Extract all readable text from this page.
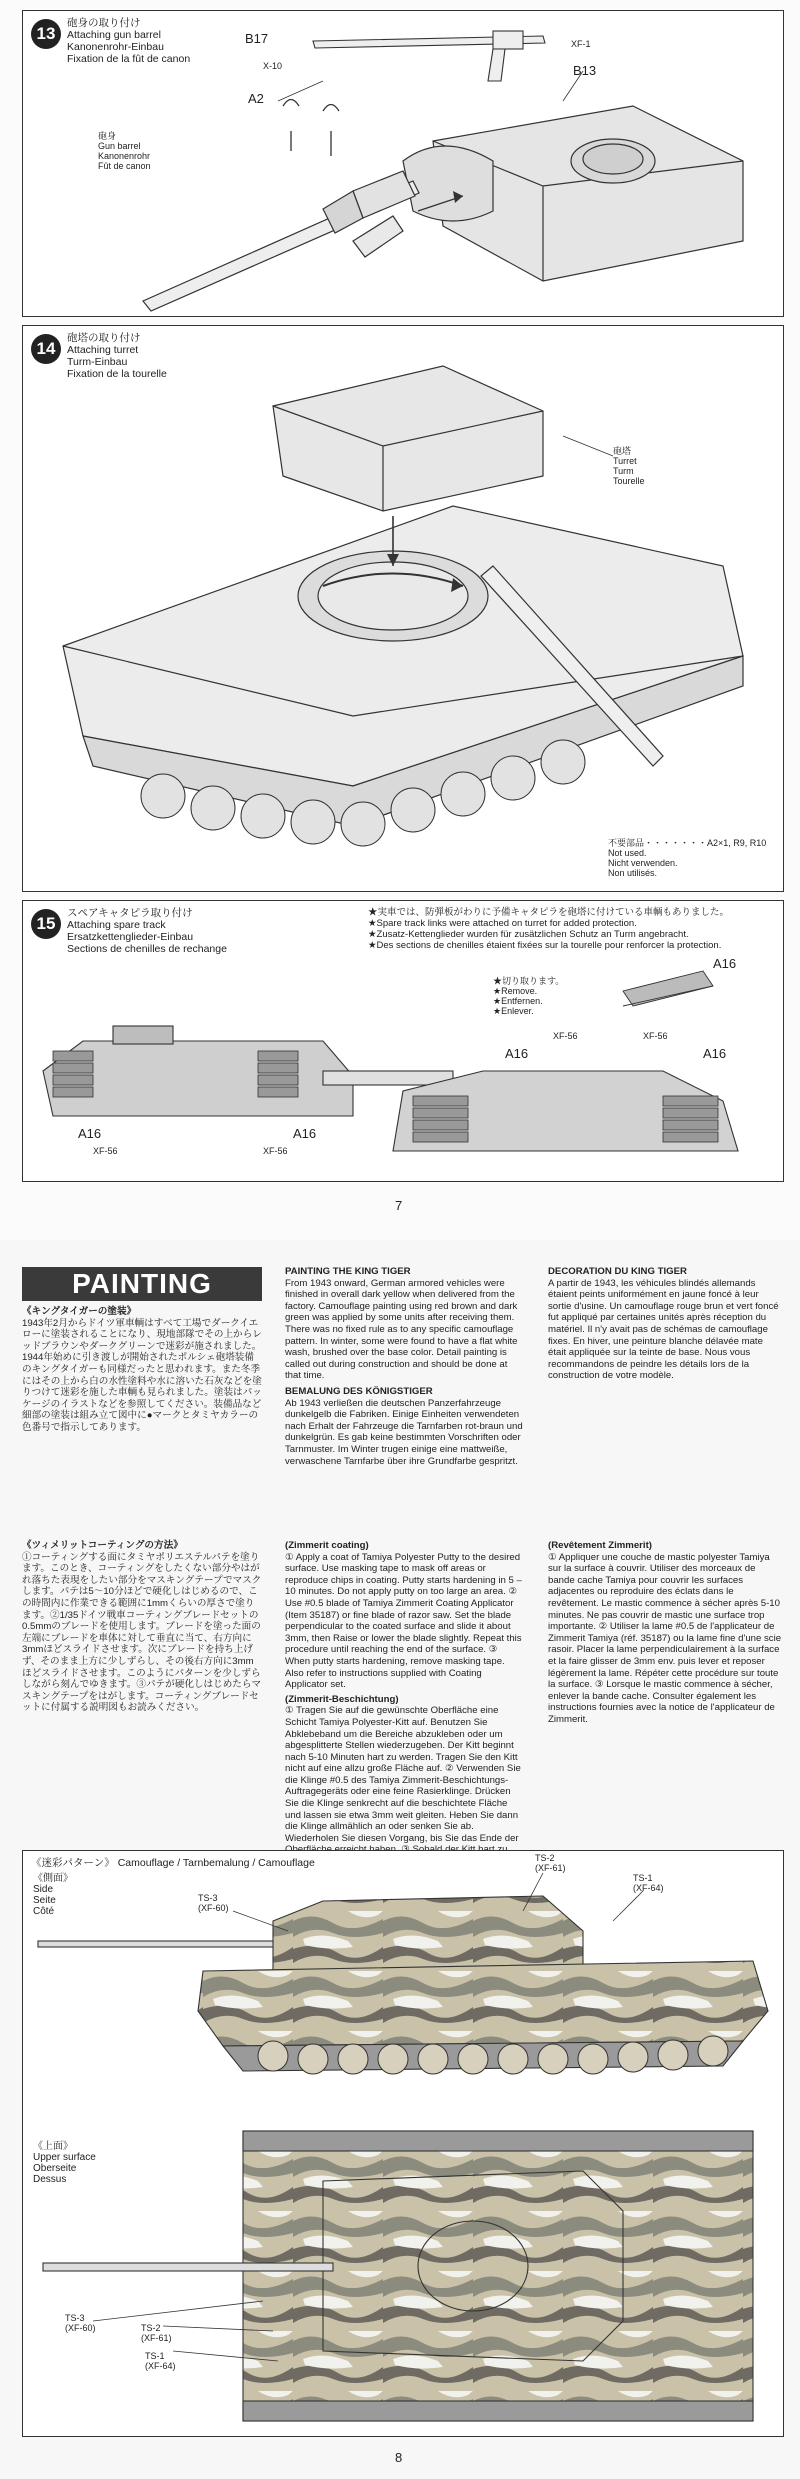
13
砲身の取り付け
Attaching gun barrel
Kanonenrohr-Einbau
Fixation de la fût de canon
B17
X-10
XF-1
B13
A2
砲身
Gun barrel
Kanonenrohr
Fût de canon
14
砲塔の取り付け
Attaching turret
Turm-Einbau
Fixation de la tourelle
砲塔
Turret
Turm
Tourelle
不要部品・・・・・・・A2×1, R9, R10
Not used.
Nicht verwenden.
Non utilisés.
15
スペアキャタピラ取り付け
Attaching spare track
Ersatzkettenglieder-Einbau
Sections de chenilles de rechange
★実車では、防弾板がわりに予備キャタピラを砲塔に付けている車輌もありました。
★Spare track links were attached on turret for added protection.
★Zusatz-Kettenglieder wurden für zusätzlichen Schutz an Turm angebracht.
★Des sections de chenilles étaient fixées sur la tourelle pour renforcer la protection.
★切り取ります。
★Remove.
★Entfernen.
★Enlever.
A16
A16
XF-56
A16
XF-56
A16
XF-56	XF-56
A16
7
PAINTING

《キングタイガーの塗装》

1943年2月からドイツ軍車輌はすべて工場でダークイエローに塗装されることになり、現地部隊でその上からレッドブラウンやダークグリーンで迷彩が施されました。1944年始めに引き渡しが開始されたポルシェ砲塔装備のキングタイガーも同様だったと思われます。また冬季にはその上から白の水性塗料や水に溶いた石灰などを塗りつけて迷彩を施した車輌も見られました。塗装はパッケージのイラストなどを参照してください。装備品など細部の塗装は組み立て図中に●マークとタミヤカラーの色番号で指示してあります。

PAINTING THE KING TIGER

From 1943 onward, German armored vehicles were finished in overall dark yellow when delivered from the factory. Camouflage painting using red brown and dark green was applied by some units after receiving them. There was no fixed rule as to any specific camouflage pattern. In winter, some were found to have a flat white wash, brushed over the base color. Detail painting is called out during construction and should be done at that time.

BEMALUNG DES KÖNIGSTIGER

Ab 1943 verließen die deutschen Panzerfahrzeuge dunkelgelb die Fabriken. Einige Einheiten verwendeten nach Erhalt der Fahrzeuge die Tarnfarben rot-braun und dunkelgrün. Es gab keine bestimmten Vorschriften oder Tarnmuster. Im Winter trugen einige eine mattweiße, verwaschene Tarnfarbe über ihre Grundfarbe gespritzt.

DECORATION DU KING TIGER

A partir de 1943, les véhicules blindés allemands étaient peints uniformément en jaune foncé à leur sortie d'usine. Un camouflage rouge brun et vert foncé fut appliqué par certaines unités après réception du matériel. Il n'y avait pas de schémas de camouflage fixes. En hiver, une peinture blanche délavée mate était appliquée sur la teinte de base. Nous vous recommandons de peindre les détails lors de la construction de votre modèle.

《ツィメリットコーティングの方法》

①コーティングする面にタミヤポリエステルパテを塗ります。このとき、コーティングをしたくない部分やはがれ落ちた表現をしたい部分をマスキングテープでマスクします。パテは5〜10分ほどで硬化しはじめるので、この時間内に作業できる範囲に1mmくらいの厚さで塗ります。②1/35ドイツ戦車コーティングブレードセットの0.5mmのブレードを使用します。ブレードを塗った面の左端にブレードを車体に対して垂直に当て、右方向に3mmほどスライドさせます。次にブレードを持ち上げず、そのまま上方に少しずらし、その後右方向に3mmほどスライドさせます。このようにパターンを少しずらしながら刻んでゆきます。③パテが硬化しはじめたらマスキングテープをはがします。コーティングブレードセットに付属する説明図もお読みください。

(Zimmerit coating)

① Apply a coat of Tamiya Polyester Putty to the desired surface. Use masking tape to mask off areas or reproduce chips in coating. Putty starts hardening in 5 – 10 minutes. Do not apply putty on too large an area. ② Use #0.5 blade of Tamiya Zimmerit Coating Applicator (Item 35187) or fine blade of razor saw. Set the blade perpendicular to the coated surface and slide it about 3mm, then Raise or lower the blade slightly. Repeat this procedure until reaching the end of the surface. ③ When putty starts hardening, remove masking tape. Also refer to instructions supplied with Coating Applicator set.

(Zimmerit-Beschichtung)

① Tragen Sie auf die gewünschte Oberfläche eine Schicht Tamiya Polyester-Kitt auf. Benutzen Sie Abklebeband um die Bereiche abzukleben oder um abgesplitterte Stellen wiederzugeben. Der Kitt beginnt nach 5-10 Minuten hart zu werden. Tragen Sie den Kitt nicht auf eine allzu große Fläche auf. ② Verwenden Sie die Klinge #0.5 des Tamiya Zimmerit-Beschichtungs-Auftragegeräts oder eine feine Rasierklinge. Drücken Sie die Klinge senkrecht auf die beschichtete Fläche und lassen sie etwa 3mm weit gleiten. Heben Sie dann die Klinge allmählich an oder senken Sie ab. Wiederholen Sie diesen Vorgang, bis Sie das Ende der

(Revêtement Zimmerit)

① Appliquer une couche de mastic polyester Tamiya sur la surface à couvrir. Utiliser des morceaux de bande cache Tamiya pour couvrir les surfaces adjacentes ou reproduire des éclats dans le revêtement. Le mastic commence à sécher après 5-10 minutes. Ne pas couvrir de mastic une surface trop importante. ② Utiliser la lame #0.5 de l'applicateur de Zimmerit Tamiya (réf. 35187) ou la lame fine d'une scie rasoir. Placer la lame perpendiculairement à la surface et la faire glisser de 3mm env. puis lever et reposer légèrement la lame. Répéter cette procédure sur toute la surface. ③ Lorsque le mastic commence à sécher, enlever la bande cache. Consulter également les instructions fournies avec la notice de l'applicateur de Zimmerit.

《迷彩パターン》 Camouflage / Tarnbemalung / Camouflage
《側面》
Side
Seite
Côté
TS-3
(XF-60)
TS-2
(XF-61)
TS-1
(XF-64)
《上面》
Upper surface
Oberseite
Dessus
TS-3
(XF-60)	TS-2
(XF-61)
TS-1
(XF-64)
8
